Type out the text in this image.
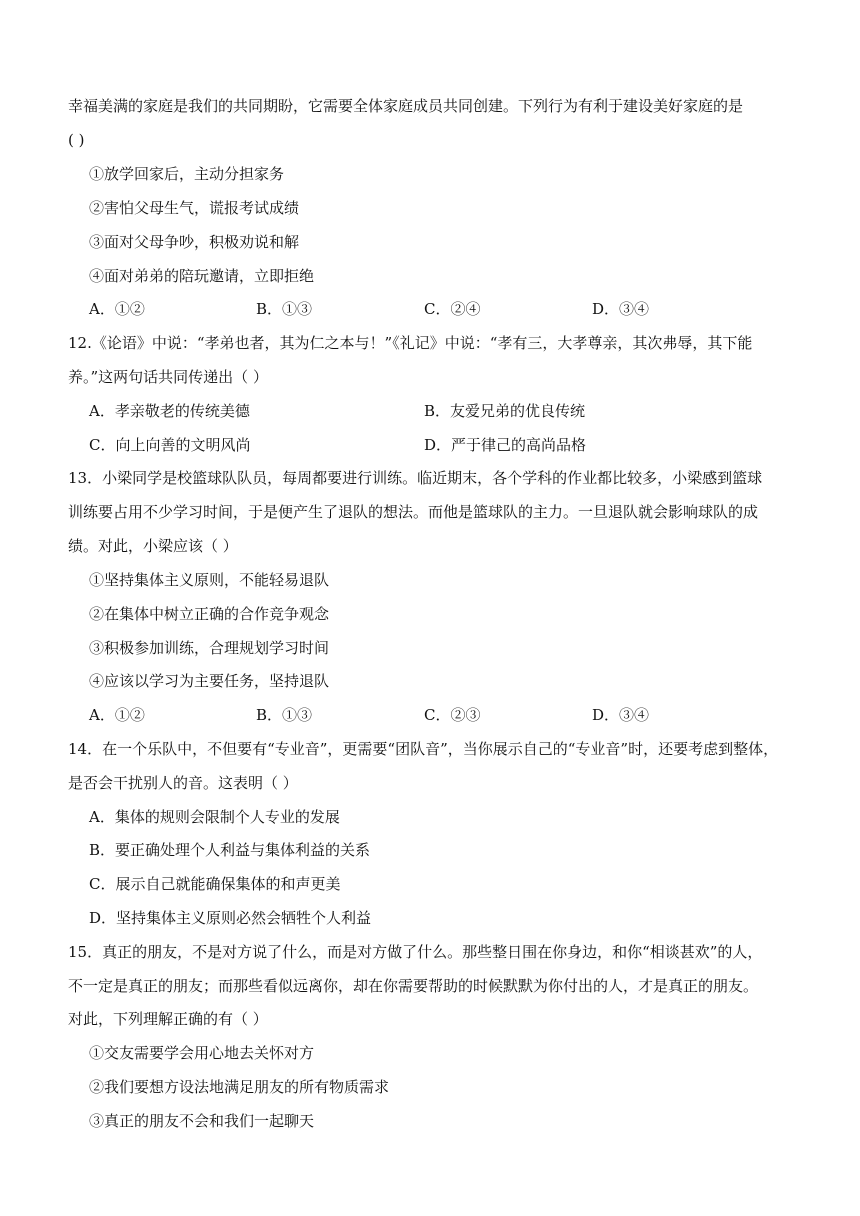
幸福美满的家庭是我们的共同期盼，它需要全体家庭成员共同创建。下列行为有利于建设美好家庭的是
( )
①放学回家后，主动分担家务
②害怕父母生气，谎报考试成绩
③面对父母争吵，积极劝说和解
④面对弟弟的陪玩邀请，立即拒绝
A．①②	B．①③	C．②④	D．③④
12.《论语》中说：“孝弟也者，其为仁之本与！”《礼记》中说：“孝有三，大孝尊亲，其次弗辱，其下能
养。”这两句话共同传递出（ ）
A．孝亲敬老的传统美德	B．友爱兄弟的优良传统
C．向上向善的文明风尚	D．严于律己的高尚品格
13．小梁同学是校篮球队队员，每周都要进行训练。临近期末，各个学科的作业都比较多，小梁感到篮球
训练要占用不少学习时间，于是便产生了退队的想法。而他是篮球队的主力。一旦退队就会影响球队的成
绩。对此，小梁应该（ ）
①坚持集体主义原则，不能轻易退队
②在集体中树立正确的合作竞争观念
③积极参加训练，合理规划学习时间
④应该以学习为主要任务，坚持退队
A．①②	B．①③	C．②③	D．③④
14．在一个乐队中，不但要有“专业音”，更需要“团队音”，当你展示自己的“专业音”时，还要考虑到整体，
是否会干扰别人的音。这表明（ ）
A．集体的规则会限制个人专业的发展
B．要正确处理个人利益与集体利益的关系
C．展示自己就能确保集体的和声更美
D．坚持集体主义原则必然会牺牲个人利益
15．真正的朋友，不是对方说了什么，而是对方做了什么。那些整日围在你身边，和你“相谈甚欢”的人，
不一定是真正的朋友；而那些看似远离你，却在你需要帮助的时候默默为你付出的人，才是真正的朋友。
对此，下列理解正确的有（ ）
①交友需要学会用心地去关怀对方
②我们要想方设法地满足朋友的所有物质需求
③真正的朋友不会和我们一起聊天
